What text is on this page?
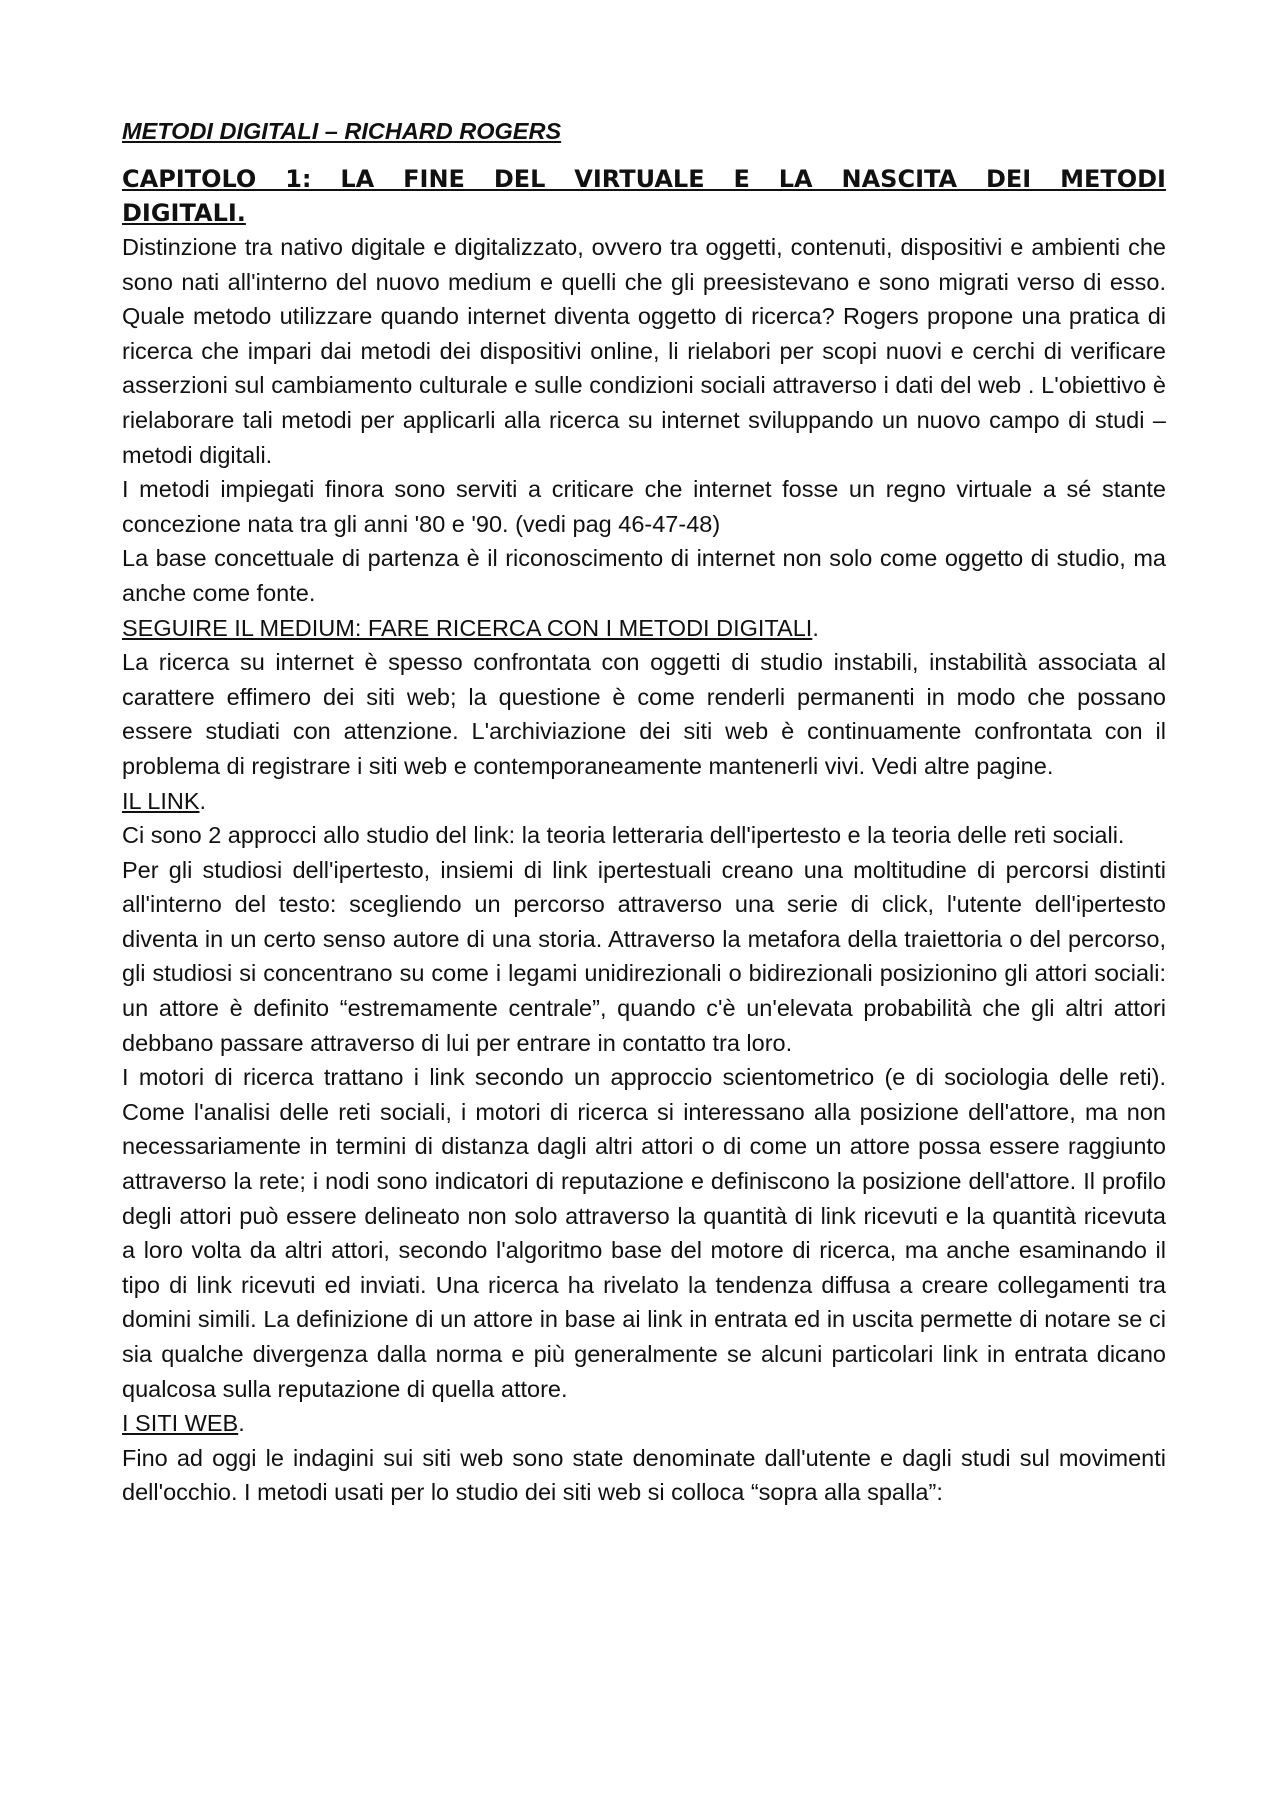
METODI DIGITALI – RICHARD ROGERS
CAPITOLO 1: LA FINE DEL VIRTUALE E LA NASCITA DEI METODI
DIGITALI.

Distinzione tra nativo digitale e digitalizzato, ovvero tra oggetti, contenuti, dispositivi e ambienti che sono nati all'interno del nuovo medium e quelli che gli preesistevano e sono migrati verso di esso. Quale metodo utilizzare quando internet diventa oggetto di ricerca? Rogers propone una pratica di ricerca che impari dai metodi dei dispositivi online, li rielabori per scopi nuovi e cerchi di verificare asserzioni sul cambiamento culturale e sulle condizioni sociali attraverso i dati del web . L'obiettivo è rielaborare tali metodi per applicarli alla ricerca su internet sviluppando un nuovo campo di studi – metodi digitali.

I metodi impiegati finora sono serviti a criticare che internet fosse un regno virtuale a sé stante concezione nata tra gli anni '80 e '90. (vedi pag 46-47-48)

La base concettuale di partenza è il riconoscimento di internet non solo come oggetto di studio, ma anche come fonte.

SEGUIRE IL MEDIUM: FARE RICERCA CON I METODI DIGITALI.

La ricerca su internet è spesso confrontata con oggetti di studio instabili, instabilità associata al carattere effimero dei siti web; la questione è come renderli permanenti in modo che possano essere studiati con attenzione. L'archiviazione dei siti web è continuamente confrontata con il problema di registrare i siti web e contemporaneamente mantenerli vivi. Vedi altre pagine.

IL LINK.

Ci sono 2 approcci allo studio del link: la teoria letteraria dell'ipertesto e la teoria delle reti sociali.

Per gli studiosi dell'ipertesto, insiemi di link ipertestuali creano una moltitudine di percorsi distinti all'interno del testo: scegliendo un percorso attraverso una serie di click, l'utente dell'ipertesto diventa in un certo senso autore di una storia. Attraverso la metafora della traiettoria o del percorso, gli studiosi si concentrano su come i legami unidirezionali o bidirezionali posizionino gli attori sociali: un attore è definito “estremamente centrale”, quando c'è un'elevata probabilità che gli altri attori debbano passare attraverso di lui per entrare in contatto tra loro.

I motori di ricerca trattano i link secondo un approccio scientometrico (e di sociologia delle reti). Come l'analisi delle reti sociali, i motori di ricerca si interessano alla posizione dell'attore, ma non necessariamente in termini di distanza dagli altri attori o di come un attore possa essere raggiunto attraverso la rete; i nodi sono indicatori di reputazione e definiscono la posizione dell'attore. Il profilo degli attori può essere delineato non solo attraverso la quantità di link ricevuti e la quantità ricevuta a loro volta da altri attori, secondo l'algoritmo base del motore di ricerca, ma anche esaminando il tipo di link ricevuti ed inviati. Una ricerca ha rivelato la tendenza diffusa a creare collegamenti tra domini simili. La definizione di un attore in base ai link in entrata ed in uscita permette di notare se ci sia qualche divergenza dalla norma e più generalmente se alcuni particolari link in entrata dicano qualcosa sulla reputazione di quella attore.

I SITI WEB.

Fino ad oggi le indagini sui siti web sono state denominate dall'utente e dagli studi sul movimenti dell'occhio. I metodi usati per lo studio dei siti web si colloca “sopra alla spalla”:
